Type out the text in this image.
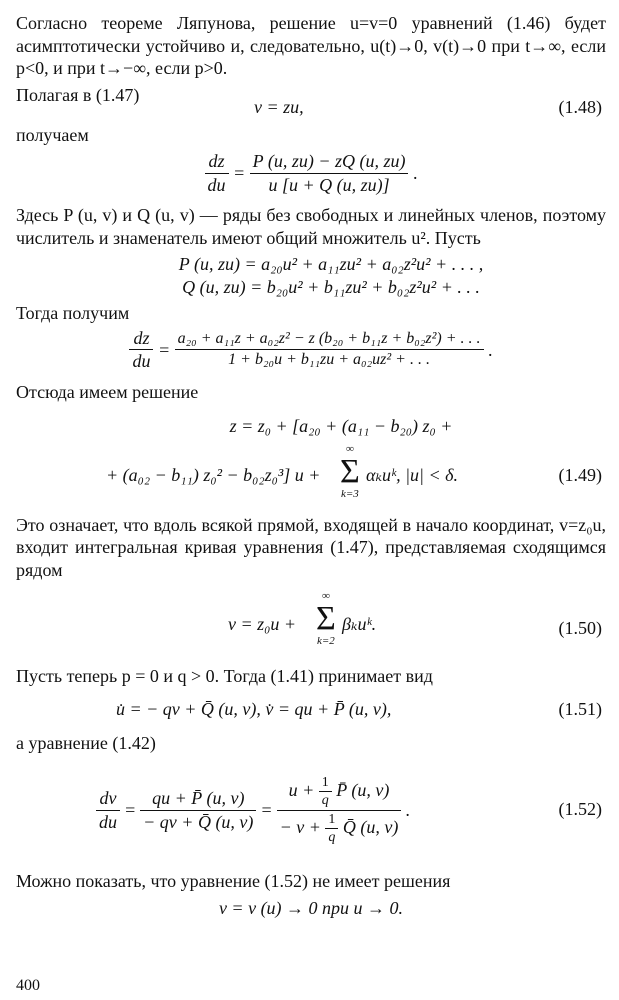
Согласно теореме Ляпунова, решение u=v=0 уравнений (1.46) будет асимптотически устойчиво и, следовательно, u(t)→0, v(t)→0 при t→∞, если p<0, и при t→−∞, если p>0.

Полагая в (1.47)
v = zu,	(1.48)

получаем

$\frac{dz}{du} = \frac{P (u, zu) - zQ (u, zu)}{u [u + Q (u, zu)]}$ .

Здесь P (u, v) и Q (u, v) — ряды без свободных и линейных членов, поэтому числитель и знаменатель имеют общий множитель u². Пусть

P (u, zu) = a₂₀u² + a₁₁zu² + a₀₂z²u² + . . . ,
Q (u, zu) = b₂₀u² + b₁₁zu² + b₀₂z²u² + . . .

Тогда получим

$\frac{dz}{du} = \frac{\text{a₂₀ + a₁₁z + a₀₂z² − z (b₂₀ + b₁₁z + b₀₂z²) + . . .}}{\text{1 + b₂₀u + b₁₁zu + a₀₂uz² + . . .}}$ .

Отсюда имеем решение

z = z₀ + [a₂₀ + (a₁₁ − b₂₀) z₀ +
+ (a₀₂ − b₁₁) z₀² − b₀₂z₀³] u +
∞
Σ
k=3
αₖuᵏ, |u| < δ.	(1.49)

Это означает, что вдоль всякой прямой, входящей в начало координат, v=z₀u, входит интегральная кривая уравнения (1.47), представляемая сходящимся рядом

v = z₀u +
∞
Σ
k=2
βₖuᵏ.	(1.50)

Пусть теперь p = 0 и q > 0. Тогда (1.41) принимает вид

u̇ = − qv + Q̄ (u, v), v̇ = qu + P̄ (u, v),	(1.51)

а уравнение (1.42)

$\frac{dv}{du} = \frac{qu + P̄ (u, v)}{- qv + Q̄ (u, v)}$ =
$u + \frac{1}{q}$ P̄ (u, v)
− $v + \frac{1}{q}$ Q̄ (u, v)
.	(1.52)

Можно показать, что уравнение (1.52) не имеет решения

v = v (u) → 0 при u → 0.
400
